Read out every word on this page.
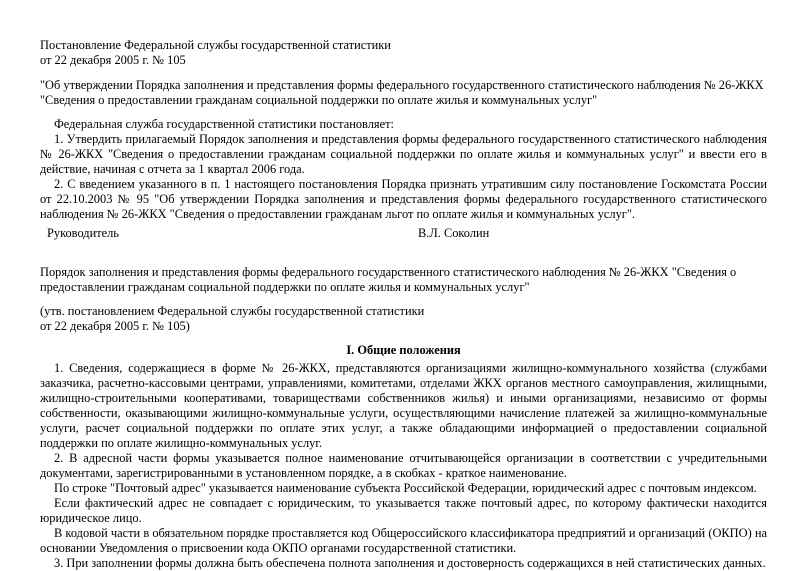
Постановление Федеральной службы государственной статистики

от 22 декабря 2005 г. № 105

"Об утверждении Порядка заполнения и представления формы федерального государственного статистического наблюдения № 26-ЖКХ "Сведения о предоставлении гражданам социальной поддержки по оплате жилья и коммунальных услуг"

Федеральная служба государственной статистики постановляет:

1. Утвердить прилагаемый Порядок заполнения и представления формы федерального государственного статистического наблюдения № 26-ЖКХ "Сведения о предоставлении гражданам социальной поддержки по оплате жилья и коммунальных услуг" и ввести его в действие, начиная с отчета за 1 квартал 2006 года.

2. С введением указанного в п. 1 настоящего постановления Порядка признать утратившим силу постановление Госкомстата России от 22.10.2003 № 95 "Об утверждении Порядка заполнения и представления формы федерального государственного статистического наблюдения № 26-ЖКХ "Сведения о предоставлении гражданам льгот по оплате жилья и коммунальных услуг".

Руководитель	В.Л. Соколин

Порядок заполнения и представления формы федерального государственного статистического наблюдения № 26-ЖКХ "Сведения о предоставлении гражданам социальной поддержки по оплате жилья и коммунальных услуг"

(утв. постановлением Федеральной службы государственной статистики

от 22 декабря 2005 г. № 105)

I. Общие положения

1. Сведения, содержащиеся в форме № 26-ЖКХ, представляются организациями жилищно-коммунального хозяйства (службами заказчика, расчетно-кассовыми центрами, управлениями, комитетами, отделами ЖКХ органов местного самоуправления, жилищными, жилищно-строительными кооперативами, товариществами собственников жилья) и иными организациями, независимо от формы собственности, оказывающими жилищно-коммунальные услуги, осуществляющими начисление платежей за жилищно-коммунальные услуги, расчет социальной поддержки по оплате этих услуг, а также обладающими информацией о предоставлении социальной поддержки по оплате жилищно-коммунальных услуг.

2. В адресной части формы указывается полное наименование отчитывающейся организации в соответствии с учредительными документами, зарегистрированными в установленном порядке, а в скобках - краткое наименование.

По строке "Почтовый адрес" указывается наименование субъекта Российской Федерации, юридический адрес с почтовым индексом.

Если фактический адрес не совпадает с юридическим, то указывается также почтовый адрес, по которому фактически находится юридическое лицо.

В кодовой части в обязательном порядке проставляется код Общероссийского классификатора предприятий и организаций (ОКПО) на основании Уведомления о присвоении кода ОКПО органами государственной статистики.

3. При заполнении формы должна быть обеспечена полнота заполнения и достоверность содержащихся в ней статистических данных.
